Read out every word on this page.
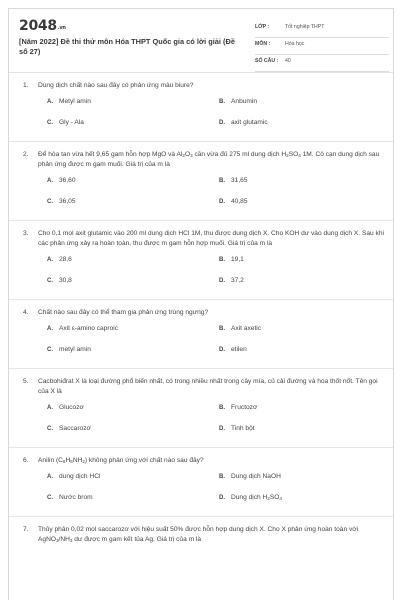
2048.vn
[Năm 2022] Đề thi thử môn Hóa THPT Quốc gia có lời giải (Đề số 27)
LỚP :	Tốt nghiệp THPT
MÔN :	Hóa học
SỐ CÂU : 40
1. Dung dịch chất nào sau đây có phản ứng màu biure?
A. Metyl amin	B. Anbumin
C. Gly - Ala	D. axit glutamic
2. Để hòa tan vừa hết 9,65 gam hỗn hợp MgO và $Al_2O_3$ cần vừa đủ 275 ml dung dịch $H_2SO_4$ 1M. Cô cạn dung dịch sau phản ứng được m gam muối. Giá trị của m là
A. 36,60	B. 31,65
C. 36,05	D. 40,85
3. Cho 0,1 mol axit glutamic vào 200 ml dung dịch HCl 1M, thu được dung dịch X. Cho KOH dư vào dung dịch X. Sau khi các phản ứng xảy ra hoàn toàn, thu được m gam hỗn hợp muối. Giá trị của m là
A. 28,6	B. 19,1
C. 30,8	D. 37,2
4. Chất nào sau đây có thể tham gia phản ứng trùng ngưng?
A. Axit ε-amino caproic	B. Axit axetic
C. metyl amin	D. etilen
5. Cacbohiđrat X là loại đường phổ biến nhất, có trong nhiều nhất trong cây mía, củ cải đường và hoa thốt nốt. Tên gọi của X là
A. Glucozơ	B. Fructozơ
C. Saccarozơ	D. Tinh bột
6. Anilin $(C_6H_5NH_2)$ không phản ứng với chất nào sau đây?
A. dung dịch HCl	B. Dung dịch NaOH
C. Nước brom	D. Dung dịch $H_2SO_4$
7. Thủy phân 0,02 mol saccarozơ với hiệu suất 50% được hỗn hợp dung dịch X. Cho X phản ứng hoàn toàn với $AgNO_3/NH_3$ dư được m gam kết tủa Ag. Giá trị của m là
